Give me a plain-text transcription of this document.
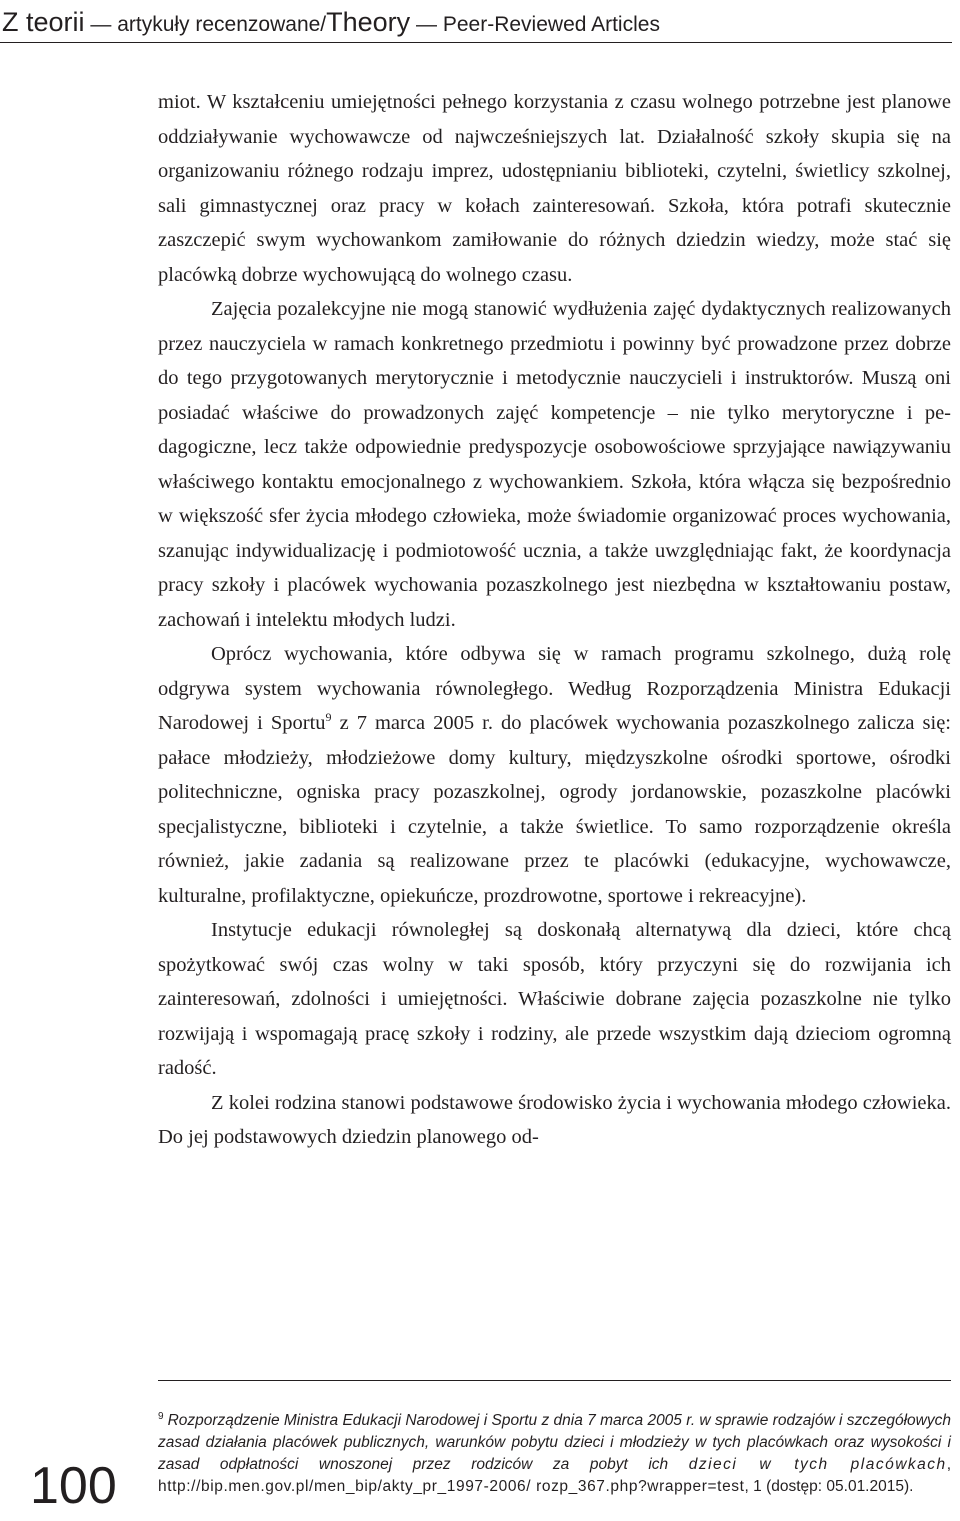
Z teorii — artykuły recenzowane/Theory — Peer-Reviewed Articles

miot. W kształceniu umiejętności pełnego korzystania z czasu wolnego potrzebne jest planowe oddziaływanie wychowawcze od najwcześniejszych lat. Działalność szkoły skupia się na organizowaniu różnego rodzaju imprez, udostępnianiu biblioteki, czytelni, świetlicy szkolnej, sali gimnastycznej oraz pracy w kołach zainteresowań. Szkoła, która potrafi skutecznie zaszczepić swym wychowankom zamiłowanie do różnych dziedzin wiedzy, może stać się placówką dobrze wychowującą do wolnego czasu.

Zajęcia pozalekcyjne nie mogą stanowić wydłużenia zajęć dydaktycznych realizowanych przez nauczyciela w ramach konkretnego przedmiotu i powinny być prowadzone przez dobrze do tego przygotowanych merytorycznie i metodycznie nauczycieli i instruktorów. Muszą oni posiadać właściwe do prowadzonych zajęć kompetencje – nie tylko merytoryczne i pedagogiczne, lecz także odpowiednie predyspozycje osobowościowe sprzyjające nawiązywaniu właściwego kontaktu emocjonalnego z wychowankiem. Szkoła, która włącza się bezpośrednio w większość sfer życia młodego człowieka, może świadomie organizować proces wychowania, szanując indywidualizację i podmiotowość ucznia, a także uwzględniając fakt, że koordynacja pracy szkoły i placówek wychowania pozaszkolnego jest niezbędna w kształtowaniu postaw, zachowań i intelektu młodych ludzi.

Oprócz wychowania, które odbywa się w ramach programu szkolnego, dużą rolę odgrywa system wychowania równoległego. Według Rozporządzenia Ministra Edukacji Narodowej i Sportu$^9$ z 7 marca 2005 r. do placówek wychowania pozaszkolnego zalicza się: pałace młodzieży, młodzieżowe domy kultury, międzyszkolne ośrodki sportowe, ośrodki politechniczne, ogniska pracy pozaszkolnej, ogrody jordanowskie, pozaszkolne placówki specjalistyczne, biblioteki i czytelnie, a także świetlice. To samo rozporządzenie określa również, jakie zadania są realizowane przez te placówki (edukacyjne, wychowawcze, kulturalne, profilaktyczne, opiekuńcze, prozdrowotne, sportowe i rekreacyjne).

Instytucje edukacji równoległej są doskonałą alternatywą dla dzieci, które chcą spożytkować swój czas wolny w taki sposób, który przyczyni się do rozwijania ich zainteresowań, zdolności i umiejętności. Właściwie dobrane zajęcia pozaszkolne nie tylko rozwijają i wspomagają pracę szkoły i rodziny, ale przede wszystkim dają dzieciom ogromną radość.

Z kolei rodzina stanowi podstawowe środowisko życia i wychowania młodego człowieka. Do jej podstawowych dziedzin planowego od-

$^9$ Rozporządzenie Ministra Edukacji Narodowej i Sportu z dnia 7 marca 2005 r. w sprawie rodzajów i szczegółowych zasad działania placówek publicznych, warunków pobytu dzieci i młodzieży w tych placówkach oraz wysokości i zasad odpłatności wnoszonej przez rodziców za pobyt ich dzieci w tych placówkach, http://bip.men.gov.pl/men_bip/akty_pr_1997-2006/ rozp_367.php?wrapper=test, 1 (dostęp: 05.01.2015).
100
